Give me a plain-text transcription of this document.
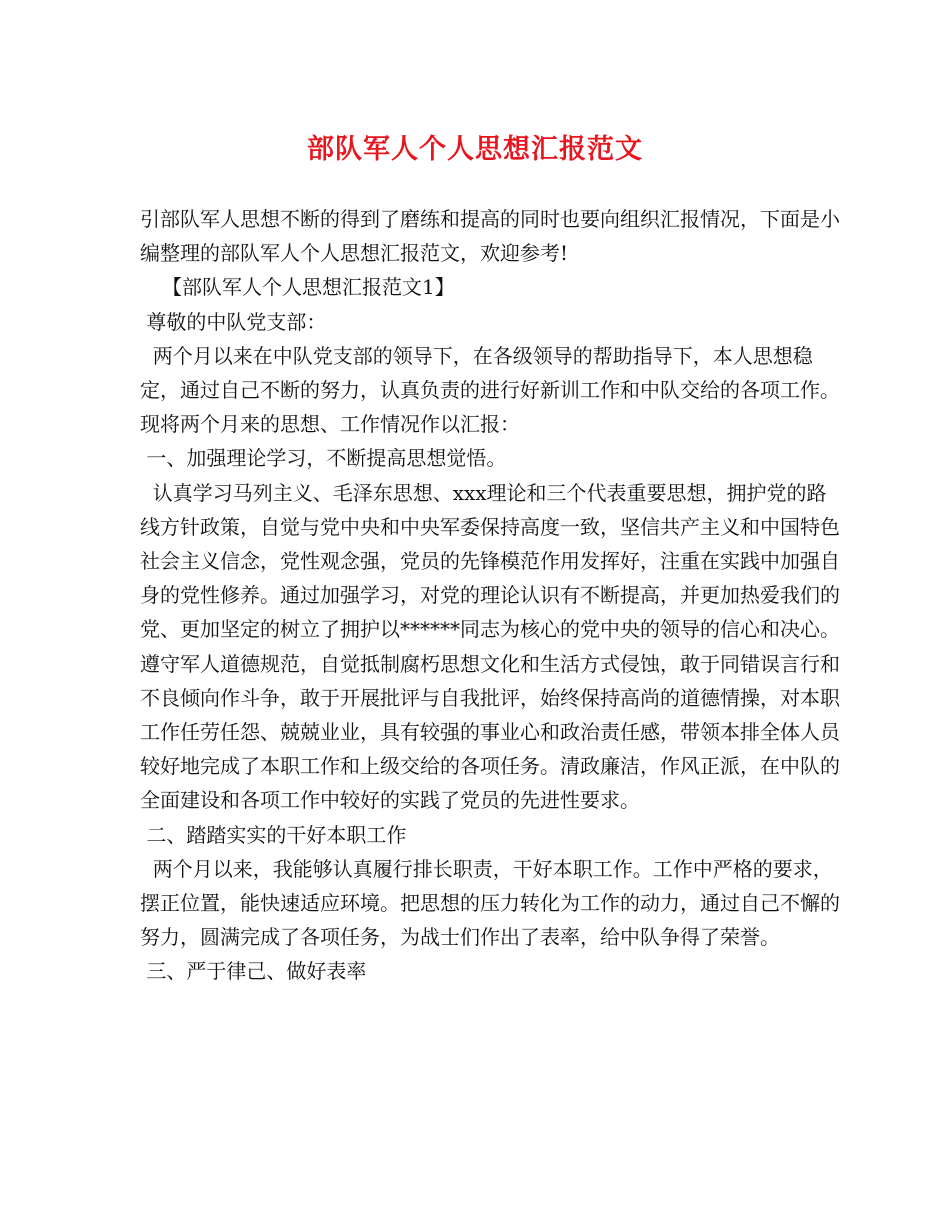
部队军人个人思想汇报范文

引部队军人思想不断的得到了磨练和提高的同时也要向组织汇报情况，下面是小编整理的部队军人个人思想汇报范文，欢迎参考!

【部队军人个人思想汇报范文1】

尊敬的中队党支部：

两个月以来在中队党支部的领导下，在各级领导的帮助指导下，本人思想稳定，通过自己不断的努力，认真负责的进行好新训工作和中队交给的各项工作。现将两个月来的思想、工作情况作以汇报：

一、加强理论学习，不断提高思想觉悟。

认真学习马列主义、毛泽东思想、xxx理论和三个代表重要思想，拥护党的路线方针政策，自觉与党中央和中央军委保持高度一致，坚信共产主义和中国特色社会主义信念，党性观念强，党员的先锋模范作用发挥好，注重在实践中加强自身的党性修养。通过加强学习，对党的理论认识有不断提高，并更加热爱我们的党、更加坚定的树立了拥护以******同志为核心的党中央的领导的信心和决心。遵守军人道德规范，自觉抵制腐朽思想文化和生活方式侵蚀，敢于同错误言行和不良倾向作斗争，敢于开展批评与自我批评，始终保持高尚的道德情操，对本职工作任劳任怨、兢兢业业，具有较强的事业心和政治责任感，带领本排全体人员较好地完成了本职工作和上级交给的各项任务。清政廉洁，作风正派，在中队的全面建设和各项工作中较好的实践了党员的先进性要求。

二、踏踏实实的干好本职工作

两个月以来，我能够认真履行排长职责，干好本职工作。工作中严格的要求，摆正位置，能快速适应环境。把思想的压力转化为工作的动力，通过自己不懈的努力，圆满完成了各项任务，为战士们作出了表率，给中队争得了荣誉。

三、严于律己、做好表率
